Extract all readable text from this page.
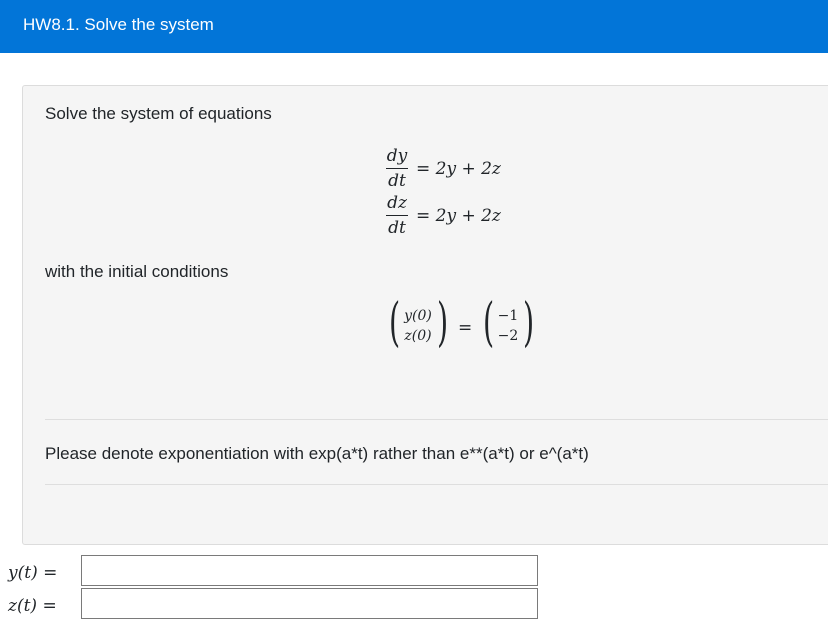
HW8.1. Solve the system
Solve the system of equations
dy
dt
= 2y + 2z
dz
dt
= 2y + 2z
with the initial conditions
( y(0)
z(0) ) = ( −1
−2 )
Please denote exponentiation with exp(a*t) rather than e**(a*t) or e^(a*t)
y(t) =
z(t) =
